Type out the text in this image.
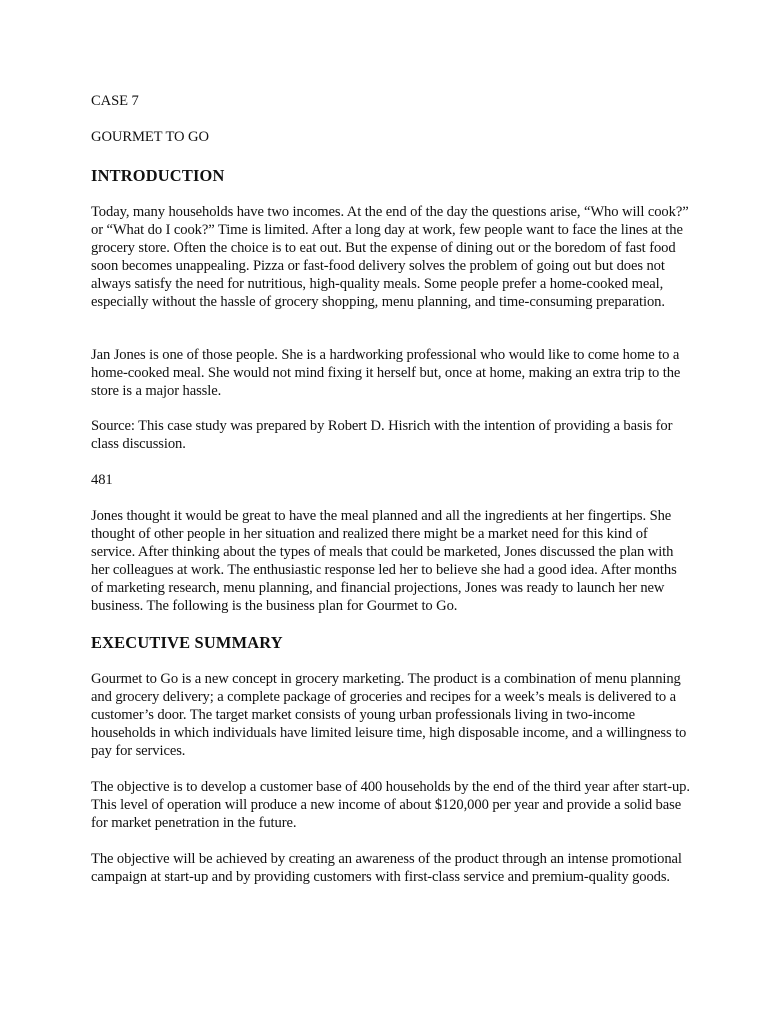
CASE 7

GOURMET TO GO

INTRODUCTION

Today, many households have two incomes. At the end of the day the questions arise, “Who will cook?” or “What do I cook?” Time is limited. After a long day at work, few people want to face the lines at the grocery store. Often the choice is to eat out. But the expense of dining out or the boredom of fast food soon becomes unappealing. Pizza or fast-food delivery solves the problem of going out but does not always satisfy the need for nutritious, high-quality meals. Some people prefer a home-cooked meal, especially without the hassle of grocery shopping, menu planning, and time-consuming preparation.

Jan Jones is one of those people. She is a hardworking professional who would like to come home to a home-cooked meal. She would not mind fixing it herself but, once at home, making an extra trip to the store is a major hassle.

Source: This case study was prepared by Robert D. Hisrich with the intention of providing a basis for class discussion.

481

Jones thought it would be great to have the meal planned and all the ingredients at her fingertips. She thought of other people in her situation and realized there might be a market need for this kind of service. After thinking about the types of meals that could be marketed, Jones discussed the plan with her colleagues at work. The enthusiastic response led her to believe she had a good idea. After months of marketing research, menu planning, and financial projections, Jones was ready to launch her new business. The following is the business plan for Gourmet to Go.

EXECUTIVE SUMMARY

Gourmet to Go is a new concept in grocery marketing. The product is a combination of menu planning and grocery delivery; a complete package of groceries and recipes for a week’s meals is delivered to a customer’s door. The target market consists of young urban professionals living in two-income households in which individuals have limited leisure time, high disposable income, and a willingness to pay for services.

The objective is to develop a customer base of 400 households by the end of the third year after start-up. This level of operation will produce a new income of about $120,000 per year and provide a solid base for market penetration in the future.

The objective will be achieved by creating an awareness of the product through an intense promotional campaign at start-up and by providing customers with first-class service and premium-quality goods.
